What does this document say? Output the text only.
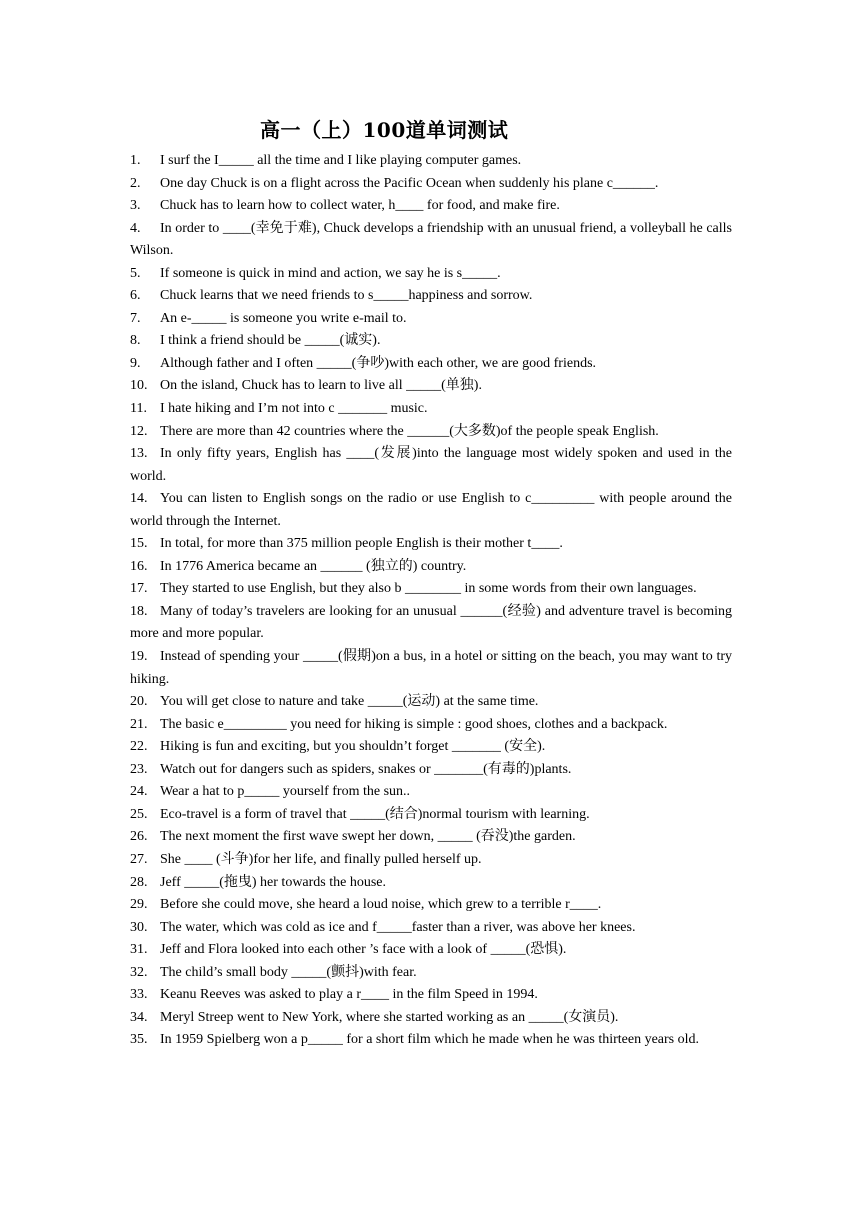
高一（上）100道单词测试
1. I surf the I_____ all the time and I like playing computer games.
2. One day Chuck is on a flight across the Pacific Ocean when suddenly his plane c______.
3. Chuck has to learn how to collect water, h____ for food, and make fire.
4. In order to ____(幸免于难), Chuck develops a friendship with an unusual friend, a volleyball he calls Wilson.
5. If someone is quick in mind and action, we say he is s_____.
6. Chuck learns that we need friends to s_____happiness and sorrow.
7. An e-_____ is someone you write e-mail to.
8. I think a friend should be _____(诚实).
9. Although father and I often _____(争吵)with each other, we are good friends.
10. On the island, Chuck has to learn to live all _____(单独).
11. I hate hiking and I’m not into c _______ music.
12. There are more than 42 countries where the ______(大多数)of the people speak English.
13. In only fifty years, English has ____(发展)into the language most widely spoken and used in the world.
14. You can listen to English songs on the radio or use English to c_________ with people around the world through the Internet.
15. In total, for more than 375 million people English is their mother t____.
16. In 1776 America became an ______ (独立的) country.
17. They started to use English, but they also b ________ in some words from their own languages.
18. Many of today’s travelers are looking for an unusual ______(经验) and adventure travel is becoming more and more popular.
19. Instead of spending your _____(假期)on a bus, in a hotel or sitting on the beach, you may want to try hiking.
20. You will get close to nature and take _____(运动) at the same time.
21. The basic e_________ you need for hiking is simple : good shoes, clothes and a backpack.
22. Hiking is fun and exciting, but you shouldn’t forget _______ (安全).
23. Watch out for dangers such as spiders, snakes or _______(有毒的)plants.
24. Wear a hat to p_____ yourself from the sun..
25. Eco-travel is a form of travel that _____(结合)normal tourism with learning.
26. The next moment the first wave swept her down, _____ (吞没)the garden.
27. She ____ (斗争)for her life, and finally pulled herself up.
28. Jeff _____(拖曳) her towards the house.
29. Before she could move, she heard a loud noise, which grew to a terrible r____.
30. The water, which was cold as ice and f_____faster than a river, was above her knees.
31. Jeff and Flora looked into each other ’s face with a look of _____(恐惧).
32. The child’s small body _____(颤抖)with fear.
33. Keanu Reeves was asked to play a r____ in the film Speed in 1994.
34. Meryl Streep went to New York, where she started working as an _____(女演员).
35. In 1959 Spielberg won a p_____ for a short film which he made when he was thirteen years old.
